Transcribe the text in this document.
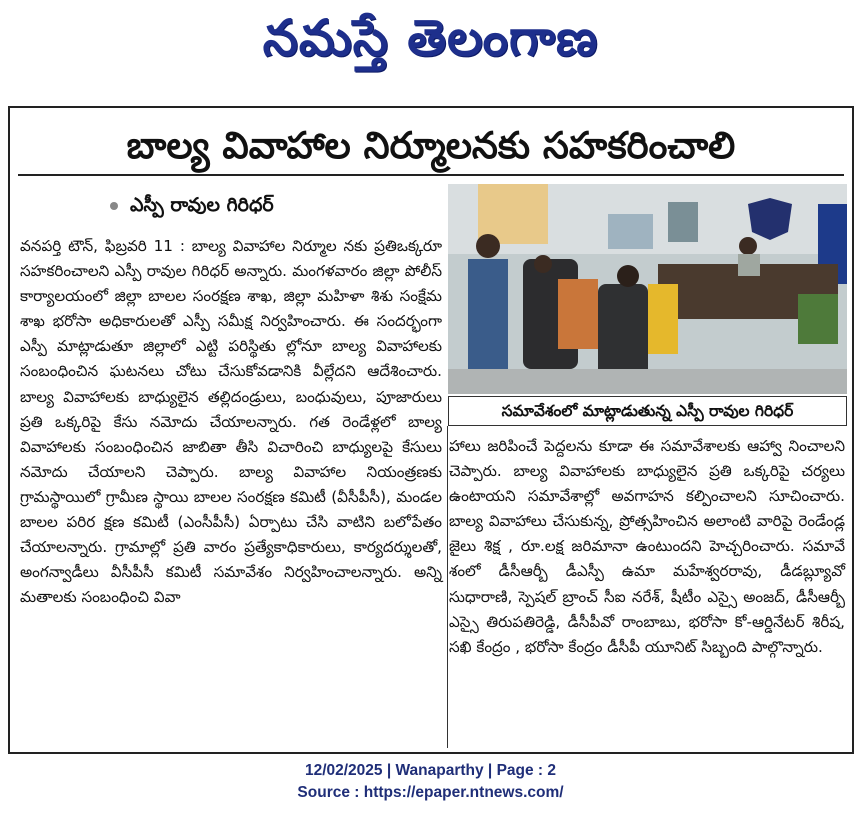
నమస్తే తెలంగాణ
బాల్య వివాహాల నిర్మూలనకు సహకరించాలి
ఎస్పీ రావుల గిరిధర్

వనపర్తి టౌన్, ఫిబ్రవరి 11 : బాల్య వివాహాల నిర్మూల నకు ప్రతిఒక్కరూ సహకరించాలని ఎస్పీ రావుల గిరిధర్ అన్నారు. మంగళవారం జిల్లా పోలీస్ కార్యాలయంలో జిల్లా బాలల సంరక్షణ శాఖ, జిల్లా మహిళా శిశు సంక్షేమ శాఖ భరోసా అధికారులతో ఎస్పీ సమీక్ష నిర్వహించారు. ఈ సందర్భంగా ఎస్పీ మాట్లాడుతూ జిల్లాలో ఎట్టి పరిస్థితు ల్లోనూ బాల్య వివాహాలకు సంబంధించిన ఘటనలు చోటు చేసుకోవడానికి వీల్లేదని ఆదేశించారు. బాల్య వివాహాలకు బాధ్యులైన తల్లిదండ్రులు, బంధువులు, పూజారులు ప్రతి ఒక్కరిపై కేసు నమోదు చేయాలన్నారు. గత రెండేళ్లలో బాల్య వివాహాలకు సంబంధించిన జాబితా తీసి విచారించి బాధ్యులపై కేసులు నమోదు చేయాలని చెప్పారు. బాల్య వివాహాల నియంత్రణకు గ్రామస్థాయిలో గ్రామీణ స్థాయి బాలల సంరక్షణ కమిటీ (వీసీపీసీ), మండల బాలల పరిర క్షణ కమిటీ (ఎంసీపీసీ) ఏర్పాటు చేసి వాటిని బలోపేతం చేయాలన్నారు. గ్రామాల్లో ప్రతి వారం ప్రత్యేకాధికారులు, కార్యదర్శులతో, అంగన్వాడీలు వీసీపీసీ కమిటీ సమావేశం నిర్వహించాలన్నారు. అన్ని మతాలకు సంబంధించి వివా

సమావేశంలో మాట్లాడుతున్న ఎస్పీ రావుల గిరిధర్

హాలు జరిపించే పెద్దలను కూడా ఈ సమావేశాలకు ఆహ్వా నించాలని చెప్పారు. బాల్య వివాహాలకు బాధ్యులైన ప్రతి ఒక్కరిపై చర్యలు ఉంటాయని సమావేశాల్లో అవగాహన కల్పించాలని సూచించారు. బాల్య వివాహాలు చేసుకున్న, ప్రోత్సహించిన అలాంటి వారిపై రెండేండ్ల జైలు శిక్ష , రూ.లక్ష జరిమానా ఉంటుందని హెచ్చరించారు. సమావే శంలో డీసీఆర్బీ డీఎస్పీ ఉమా మహేశ్వరరావు, డీడబ్ల్యూవో సుధారాణి, స్పెషల్ బ్రాంచ్ సీఐ నరేశ్, షీటీం ఎస్సై అంజద్, డీసీఆర్బీ ఎస్సై తిరుపతిరెడ్డి, డీసీపీవో రాంబాబు, భరోసా కో-ఆర్డినేటర్ శిరీష, సఖి కేంద్రం , భరోసా కేంద్రం డీసీపీ యూనిట్ సిబ్బంది పాల్గొన్నారు.

12/02/2025 | Wanaparthy | Page : 2
Source : https://epaper.ntnews.com/
